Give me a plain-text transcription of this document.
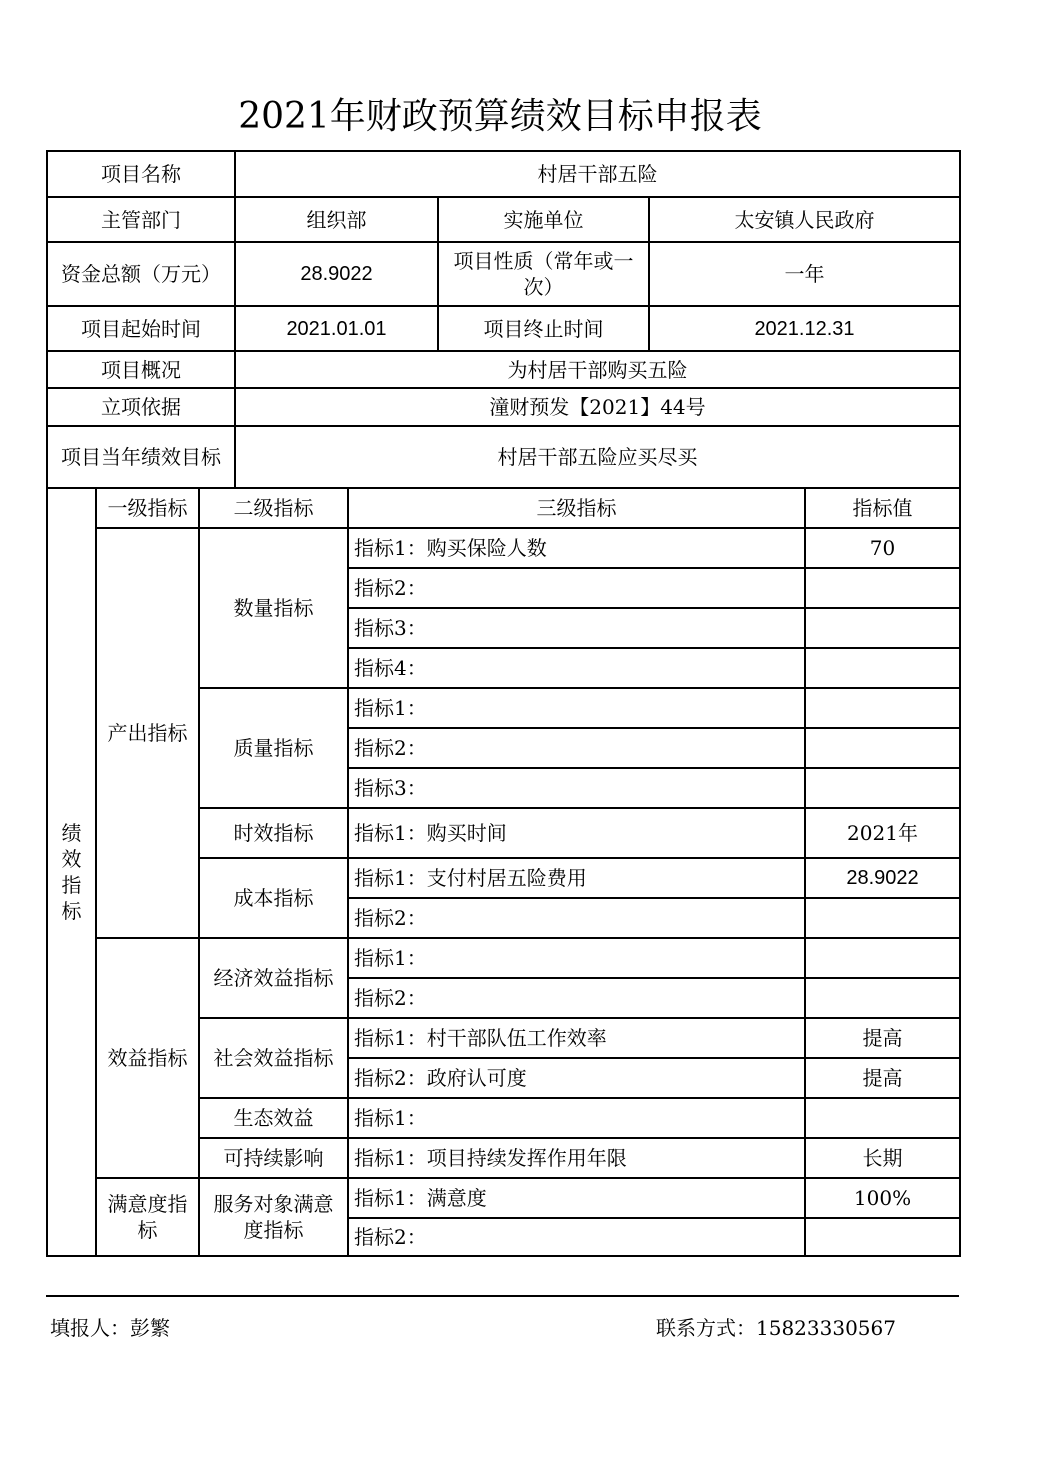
2021年财政预算绩效目标申报表
项目名称			村居干部五险				
主管部门			组织部		实施单位	太安镇人民政府	
资金总额（万元）			28.9022		项目性质（常年或一次）	一年	
项目起始时间			2021.01.01		项目终止时间	2021.12.31	
项目概况			为村居干部购买五险				
立项依据			潼财预发【2021】44号				
项目当年绩效目标			村居干部五险应买尽买				
绩效指标	一级指标	二级指标		三级指标			指标值
	产出指标	数量指标		指标1：购买保险人数			70
				指标2：			
				指标3：			
				指标4：			
		质量指标		指标1：			
				指标2：			
				指标3：			
		时效指标		指标1：购买时间			2021年
		成本指标		指标1：支付村居五险费用			28.9022
				指标2：			
	效益指标	经济效益指标		指标1：			
				指标2：			
		社会效益指标		指标1：村干部队伍工作效率			提高
				指标2：政府认可度			提高
		生态效益		指标1：			
		可持续影响		指标1：项目持续发挥作用年限			长期
	满意度指标	服务对象满意度指标		指标1：满意度			100%
				指标2：			
填报人：彭繁	联系方式：15823330567
